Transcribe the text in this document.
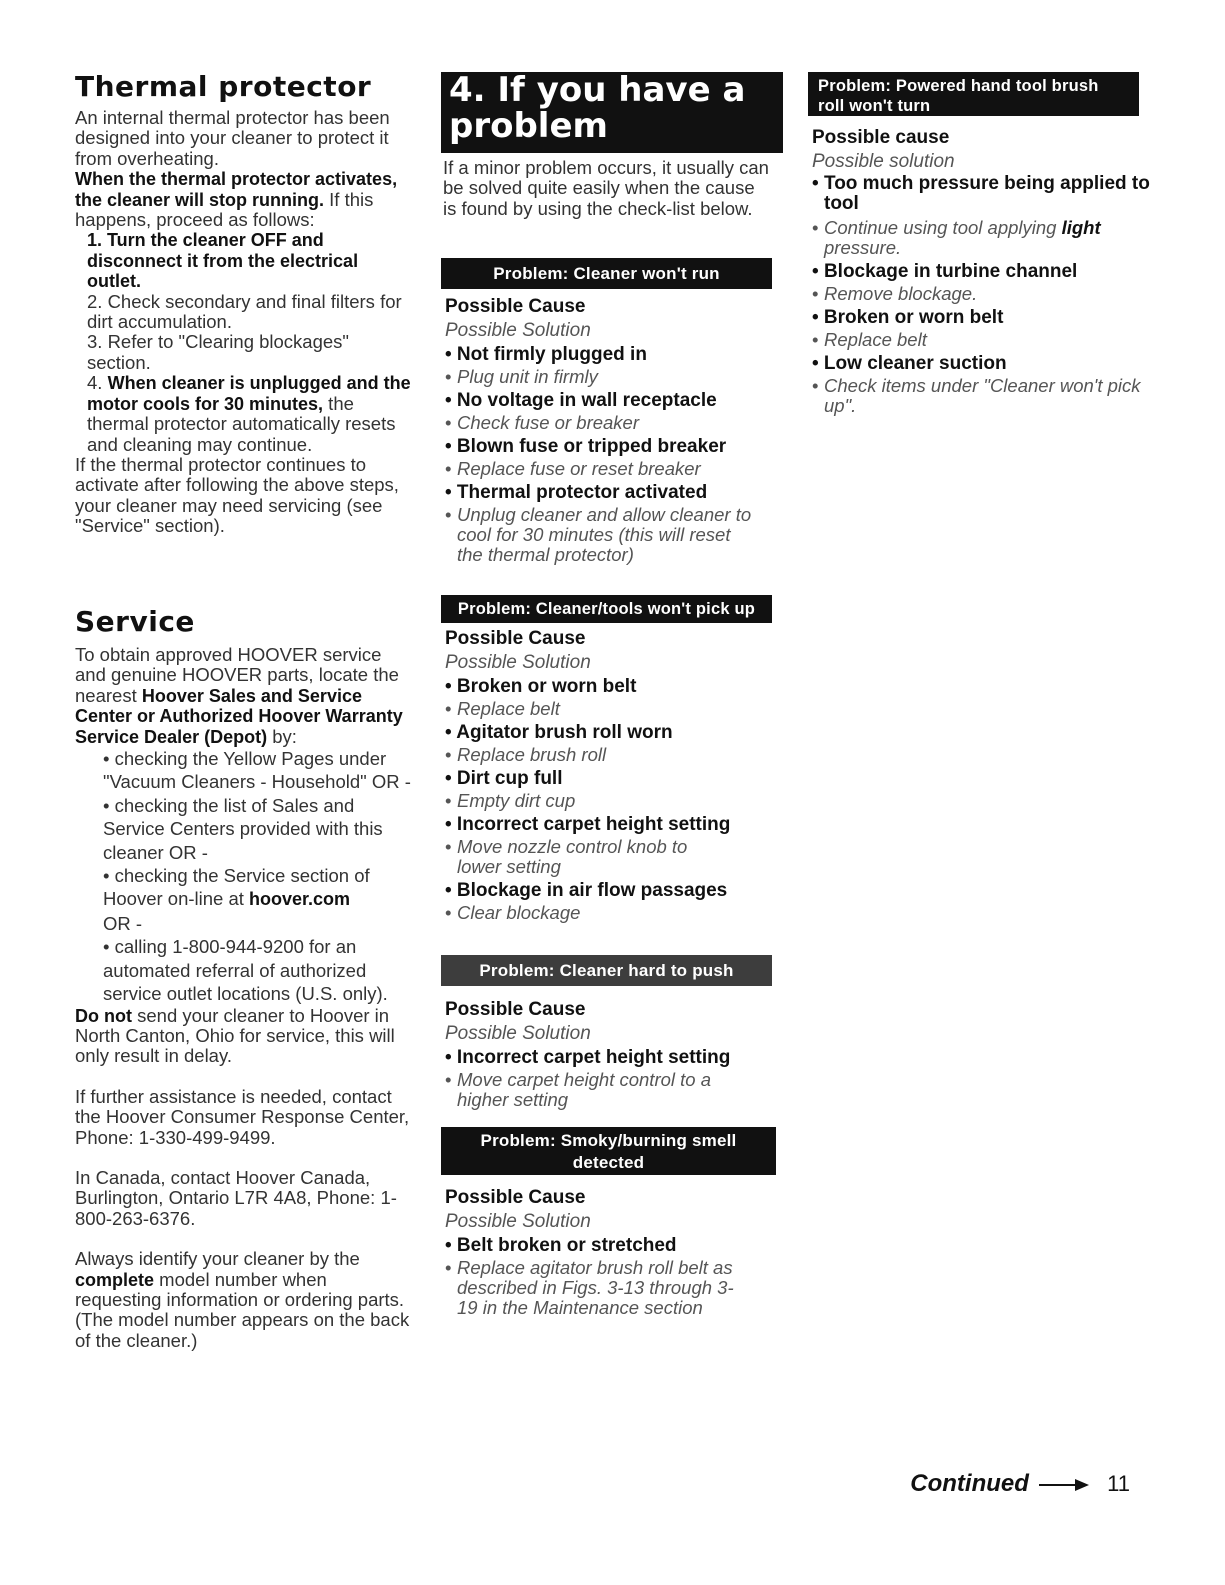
Thermal protector

An internal thermal protector has been designed into your cleaner to protect it from overheating.

When the thermal protector activates, the cleaner will stop running. If this happens, proceed as follows:

1. Turn the cleaner OFF and disconnect it from the electrical outlet.

2. Check secondary and final filters for dirt accumulation.

3. Refer to "Clearing blockages" section.

4. When cleaner is unplugged and the motor cools for 30 minutes, the thermal protector automatically resets and cleaning may continue.

If the thermal protector continues to activate after following the above steps, your cleaner may need servicing (see "Service" section).

Service

To obtain approved HOOVER service and genuine HOOVER parts, locate the nearest Hoover Sales and Service Center or Authorized Hoover Warranty Service Dealer (Depot) by:

• checking the Yellow Pages under "Vacuum Cleaners - Household" OR -

• checking the list of Sales and Service Centers provided with this cleaner OR -

• checking the Service section of Hoover on-line at hoover.com
OR -

• calling 1-800-944-9200 for an automated referral of authorized service outlet locations (U.S. only).

Do not send your cleaner to Hoover in North Canton, Ohio for service, this will only result in delay.

If further assistance is needed, contact the Hoover Consumer Response Center, Phone: 1-330-499-9499.

In Canada, contact Hoover Canada, Burlington, Ontario L7R 4A8, Phone: 1-800-263-6376.

Always identify your cleaner by the complete model number when requesting information or ordering parts. (The model number appears on the back of the cleaner.)

4. If you have a problem
If a minor problem occurs, it usually can be solved quite easily when the cause is found by using the check-list below.
Problem: Cleaner won't run
Possible Cause
Possible Solution
• Not firmly plugged in
• Plug unit in firmly
• No voltage in wall receptacle
• Check fuse or breaker
• Blown fuse or tripped breaker
• Replace fuse or reset breaker
• Thermal protector activated
• Unplug cleaner and allow cleaner to cool for 30 minutes (this will reset the thermal protector)
Problem: Cleaner/tools won't pick up
Possible Cause
Possible Solution
• Broken or worn belt
• Replace belt
• Agitator brush roll worn
• Replace brush roll
• Dirt cup full
• Empty dirt cup
• Incorrect carpet height setting
• Move nozzle control knob to lower setting
• Blockage in air flow passages
• Clear blockage
Problem: Cleaner hard to push
Possible Cause
Possible Solution
• Incorrect carpet height setting
• Move carpet height control to a higher setting
Problem: Smoky/burning smell
detected
Possible Cause
Possible Solution
• Belt broken or stretched
• Replace agitator brush roll belt as described in Figs. 3-13 through 3-19 in the Maintenance section
Problem: Powered hand tool brush
roll won't turn
Possible cause
Possible solution
• Too much pressure being applied to tool
• Continue using tool applying light pressure.
• Blockage in turbine channel
• Remove blockage.
• Broken or worn belt
• Replace belt
• Low cleaner suction
• Check items under "Cleaner won't pick up".
Continued	11
